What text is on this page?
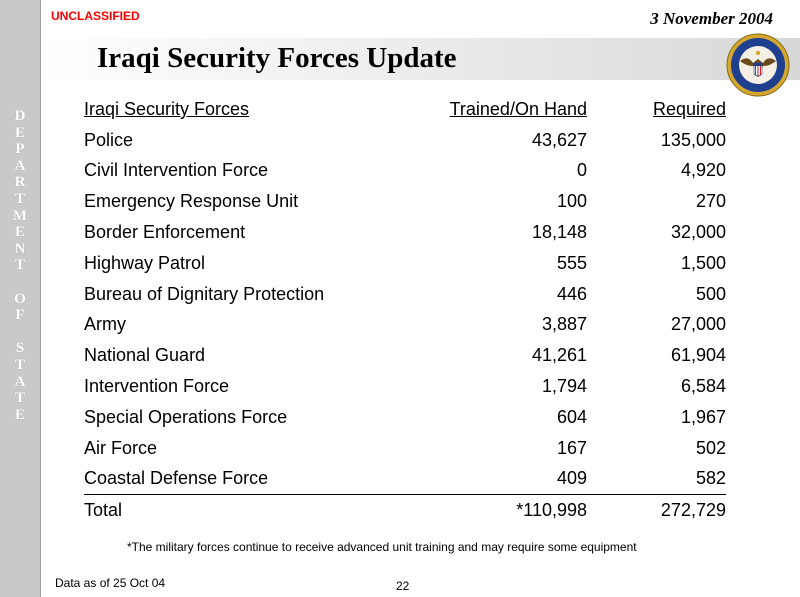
D
E
P
A
R
T
M
E
N
T
O
F
S
T
A
T
E
UNCLASSIFIED	3 November 2004
Iraqi Security Forces Update
Iraqi Security Forces	Trained/On Hand	Required
Police	43,627	135,000
Civil Intervention Force	0	4,920
Emergency Response Unit	100	270
Border Enforcement	18,148	32,000
Highway Patrol	555	1,500
Bureau of Dignitary Protection	446	500
Army	3,887	27,000
National Guard	41,261	61,904
Intervention Force	1,794	6,584
Special Operations Force	604	1,967
Air Force	167	502
Coastal Defense Force	409	582
Total	*110,998	272,729
*The military forces continue to receive advanced unit training and may require some equipment
Data as of 25 Oct 04	22
